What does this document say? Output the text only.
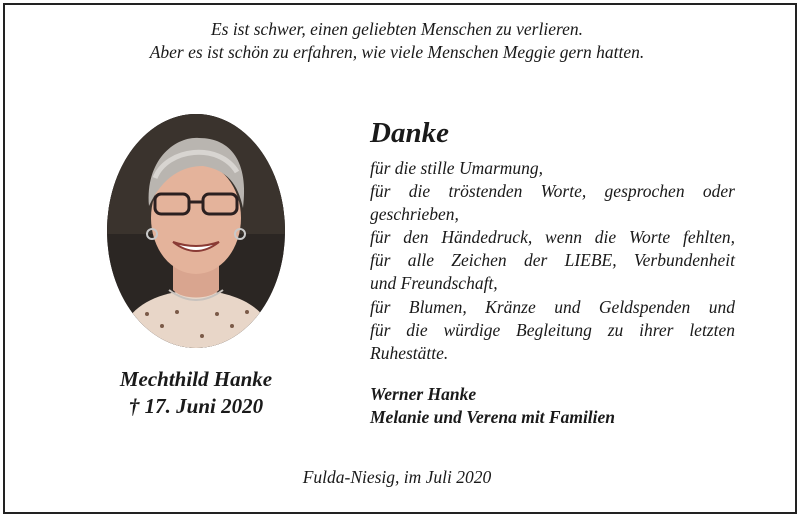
Es ist schwer, einen geliebten Menschen zu verlieren.
Aber es ist schön zu erfahren, wie viele Menschen Meggie gern hatten.
Mechthild Hanke
† 17. Juni 2020
Danke
für die stille Umarmung,
für die tröstenden Worte, gesprochen oder
geschrieben,
für den Händedruck, wenn die Worte fehlten,
für alle Zeichen der LIEBE, Verbundenheit
und Freundschaft,
für Blumen, Kränze und Geldspenden und
für die würdige Begleitung zu ihrer letzten
Ruhestätte.
Werner Hanke
Melanie und Verena mit Familien
Fulda-Niesig, im Juli 2020
